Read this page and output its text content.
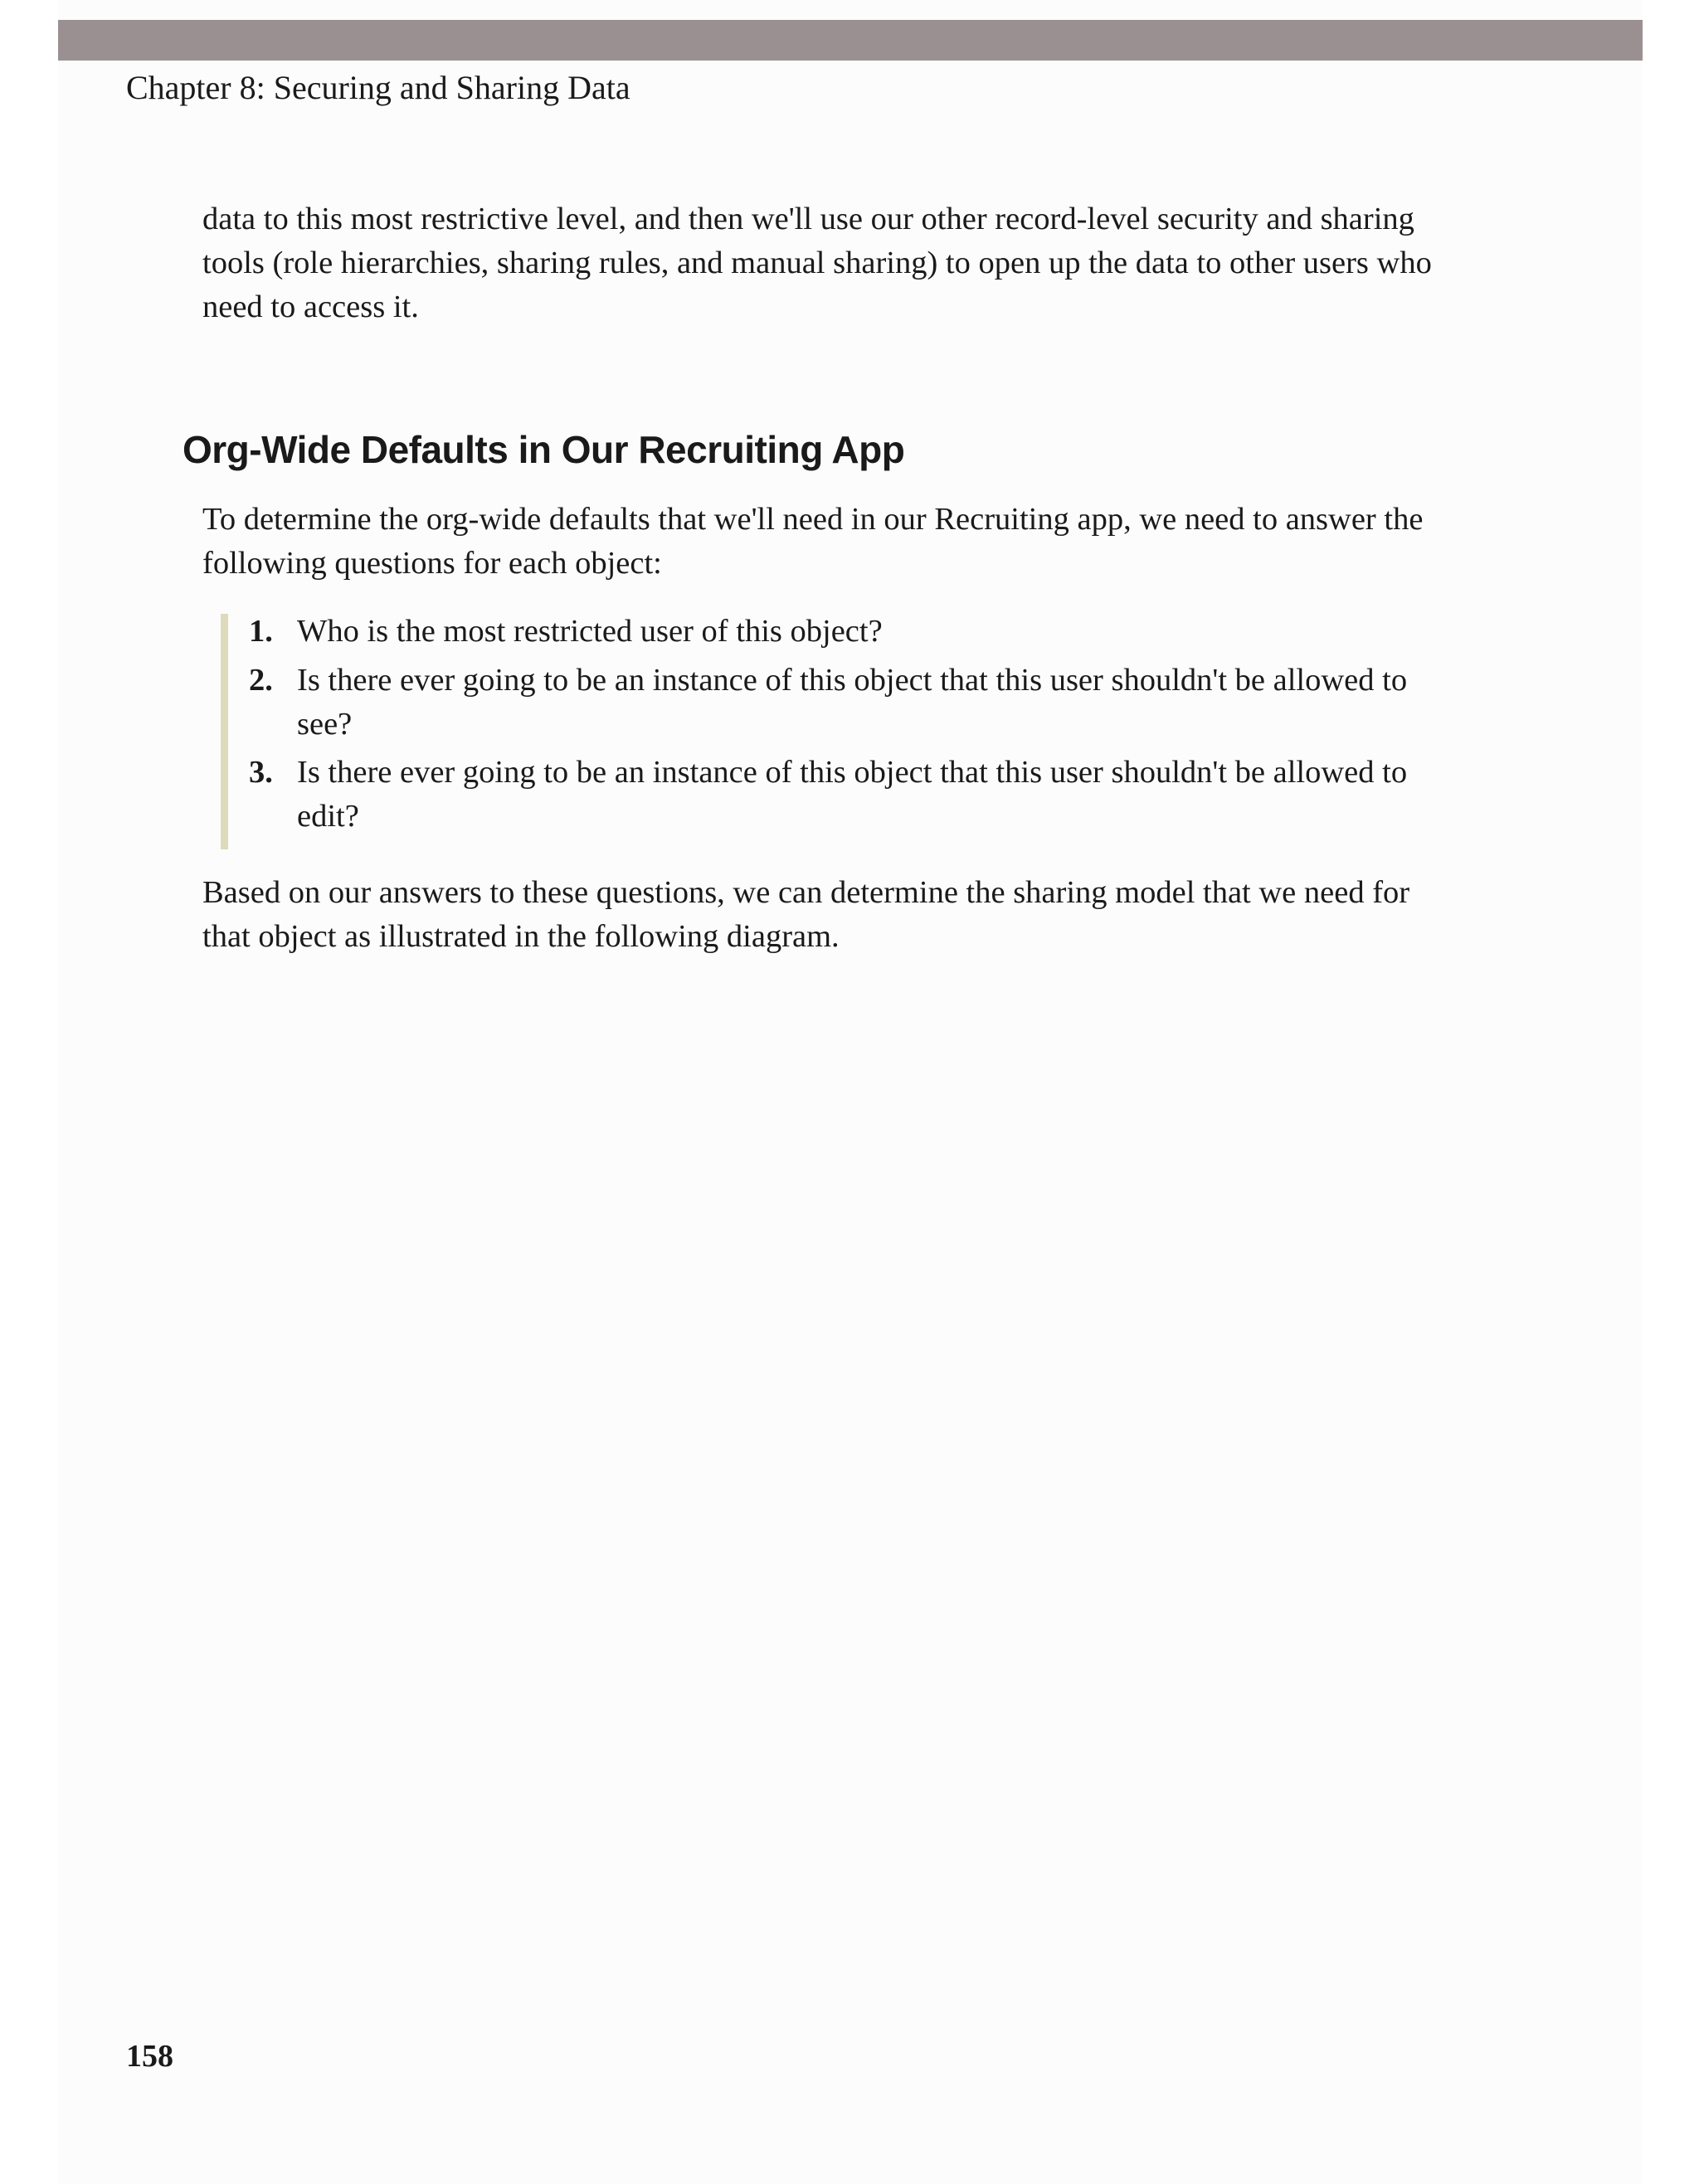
Chapter 8: Securing and Sharing Data

data to this most restrictive level, and then we'll use our other record-level security and sharing tools (role hierarchies, sharing rules, and manual sharing) to open up the data to other users who need to access it.

Org-Wide Defaults in Our Recruiting App

To determine the org-wide defaults that we'll need in our Recruiting app, we need to answer the following questions for each object:

1. Who is the most restricted user of this object?
2. Is there ever going to be an instance of this object that this user shouldn't be allowed to see?
3. Is there ever going to be an instance of this object that this user shouldn't be allowed to edit?

Based on our answers to these questions, we can determine the sharing model that we need for that object as illustrated in the following diagram.

158
